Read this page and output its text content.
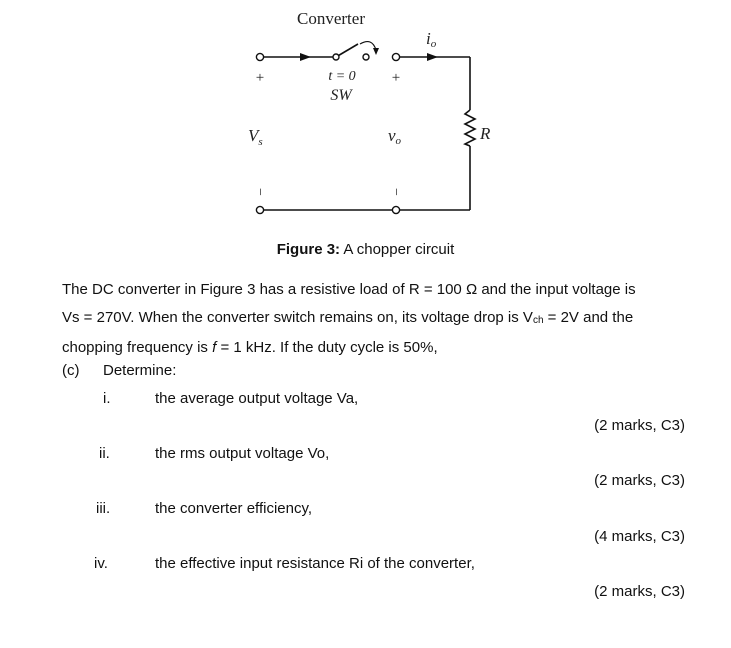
Converter
io
+	+
t = 0
SW
$V_s$	vo	R
−	−
Figure 3: A chopper circuit

The DC converter in Figure 3 has a resistive load of R = 100 Ω and the input voltage is

Vs = 270V. When the converter switch remains on, its voltage drop is Vch = 2V and the

chopping frequency is f = 1 kHz. If the duty cycle is 50%,

(c) Determine:
i.	the average output voltage Va,
(2 marks, C3)
ii.	the rms output voltage Vo,
(2 marks, C3)
iii.	the converter efficiency,
(4 marks, C3)
iv.	the effective input resistance Ri of the converter,
(2 marks, C3)
